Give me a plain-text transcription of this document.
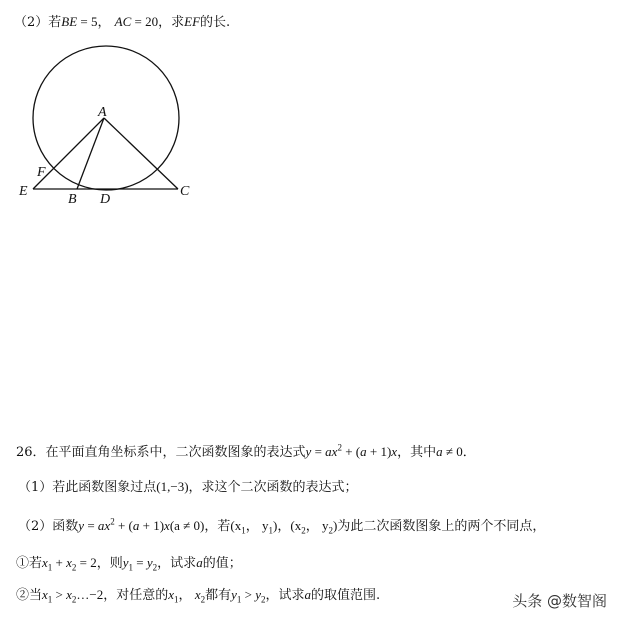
（2）若BE = 5， AC = 20，求EF的长.
A
F
E
B D
C
26．在平面直角坐标系中，二次函数图象的表达式$y = ax^2 + (a + 1)x$，其中a ≠ 0．
（1）若此函数图象过点(1,−3)，求这个二次函数的表达式；
（2）函数$y = ax^2 + (a + 1)x(a \ne 0)$，若($x_1$， $y_1$)，($x_2$， $y_2$)为此二次函数图象上的两个不同点，
①若$x_1 + x_2 = 2$，则$y_1 = y_2$，试求a的值；
②当$x_1$ > $x_2\dots-2$，对任意的$x_1$， $x_2$都有$y_1 > y_2$，试求a的取值范围.	头条 @数智阁
